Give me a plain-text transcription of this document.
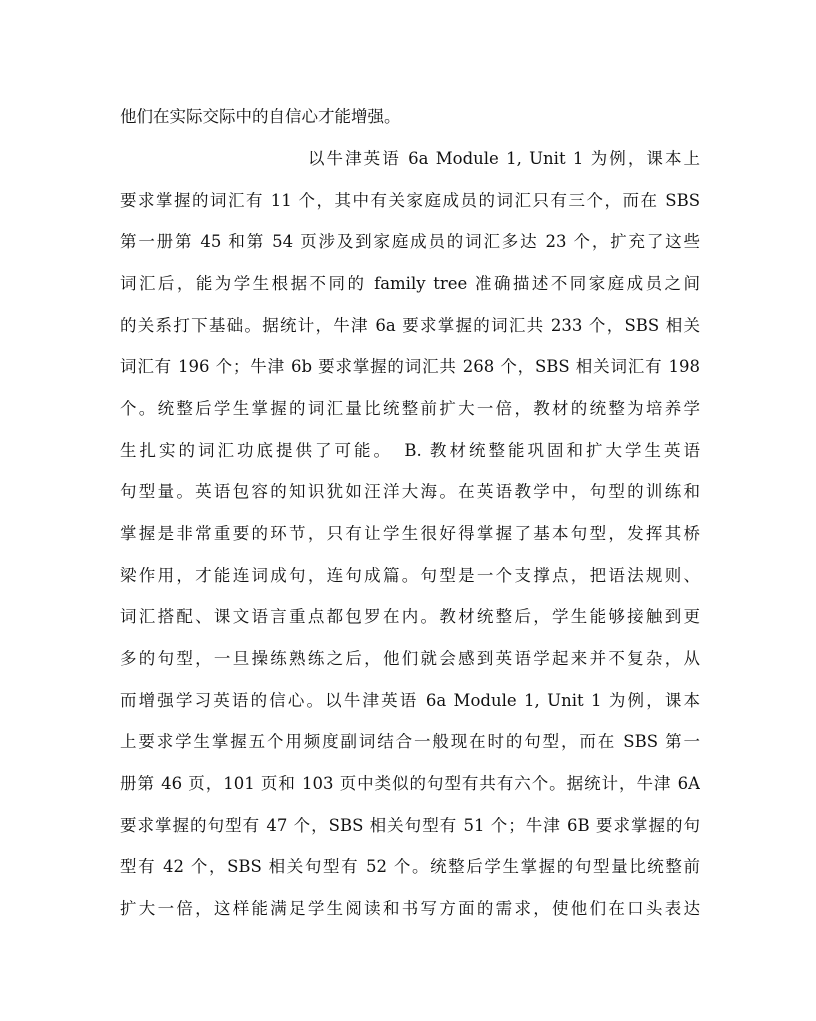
他们在实际交际中的自信心才能增强。
以牛津英语 6a Module 1, Unit 1 为例，课本上
要求掌握的词汇有 11 个，其中有关家庭成员的词汇只有三个，而在 SBS
第一册第 45 和第 54 页涉及到家庭成员的词汇多达 23 个，扩充了这些
词汇后，能为学生根据不同的 family tree 准确描述不同家庭成员之间
的关系打下基础。据统计，牛津 6a 要求掌握的词汇共 233 个，SBS 相关
词汇有 196 个；牛津 6b 要求掌握的词汇共 268 个，SBS 相关词汇有 198
个。统整后学生掌握的词汇量比统整前扩大一倍，教材的统整为培养学
生扎实的词汇功底提供了可能。　B. 教材统整能巩固和扩大学生英语
句型量。英语包容的知识犹如汪洋大海。在英语教学中，句型的训练和
掌握是非常重要的环节，只有让学生很好得掌握了基本句型，发挥其桥
梁作用，才能连词成句，连句成篇。句型是一个支撑点，把语法规则、
词汇搭配、课文语言重点都包罗在内。教材统整后，学生能够接触到更
多的句型，一旦操练熟练之后，他们就会感到英语学起来并不复杂，从
而增强学习英语的信心。以牛津英语 6a Module 1, Unit 1 为例，课本
上要求学生掌握五个用频度副词结合一般现在时的句型，而在 SBS 第一
册第 46 页，101 页和 103 页中类似的句型有共有六个。据统计，牛津 6A
要求掌握的句型有 47 个，SBS 相关句型有 51 个；牛津 6B 要求掌握的句
型有 42 个，SBS 相关句型有 52 个。统整后学生掌握的句型量比统整前
扩大一倍，这样能满足学生阅读和书写方面的需求，使他们在口头表达
